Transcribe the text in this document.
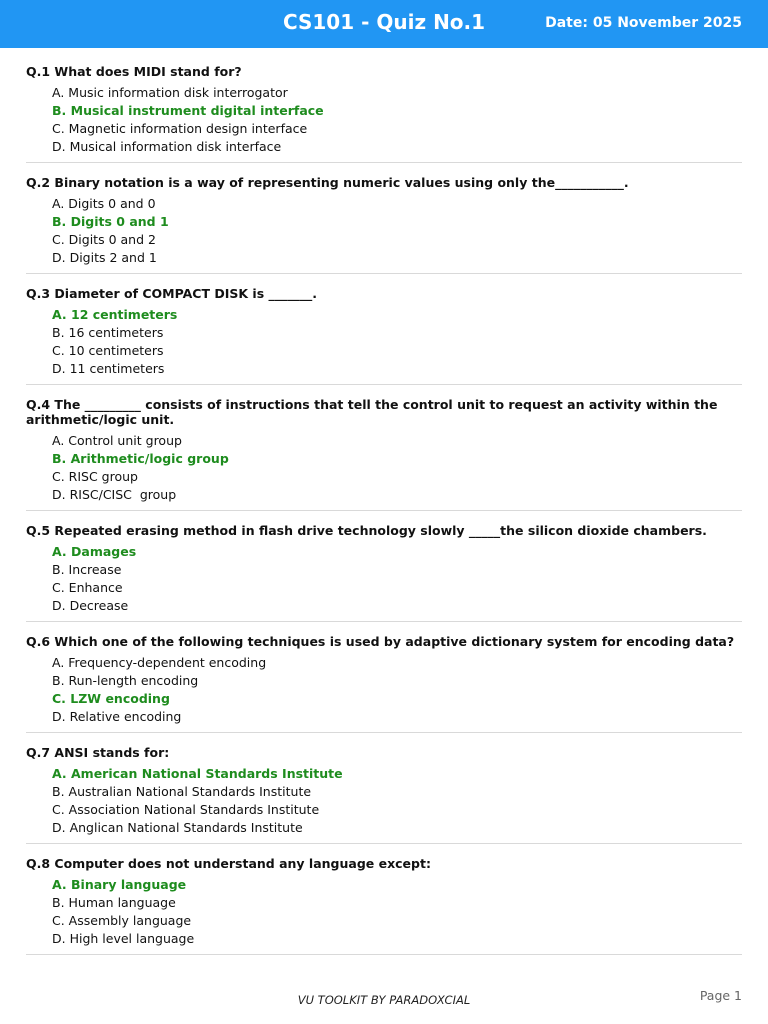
CS101 - Quiz No.1	Date: 05 November 2025
Q.1 What does MIDI stand for?
A. Music information disk interrogator
B. Musical instrument digital interface
C. Magnetic information design interface
D. Musical information disk interface
Q.2 Binary notation is a way of representing numeric values using only the___________.
A. Digits 0 and 0
B. Digits 0 and 1
C. Digits 0 and 2
D. Digits 2 and 1
Q.3 Diameter of COMPACT DISK is _______.
A. 12 centimeters
B. 16 centimeters
C. 10 centimeters
D. 11 centimeters
Q.4 The _________ consists of instructions that tell the control unit to request an activity within the arithmetic/logic unit.
A. Control unit group
B. Arithmetic/logic group
C. RISC group
D. RISC/CISC  group
Q.5 Repeated erasing method in flash drive technology slowly _____the silicon dioxide chambers.
A. Damages
B. Increase
C. Enhance
D. Decrease
Q.6 Which one of the following techniques is used by adaptive dictionary system for encoding data?
A. Frequency-dependent encoding
B. Run-length encoding
C. LZW encoding
D. Relative encoding
Q.7 ANSI stands for:
A. American National Standards Institute
B. Australian National Standards Institute
C. Association National Standards Institute
D. Anglican National Standards Institute
Q.8 Computer does not understand any language except:
A. Binary language
B. Human language
C. Assembly language
D. High level language
VU TOOLKIT BY PARADOXCIAL	Page 1
